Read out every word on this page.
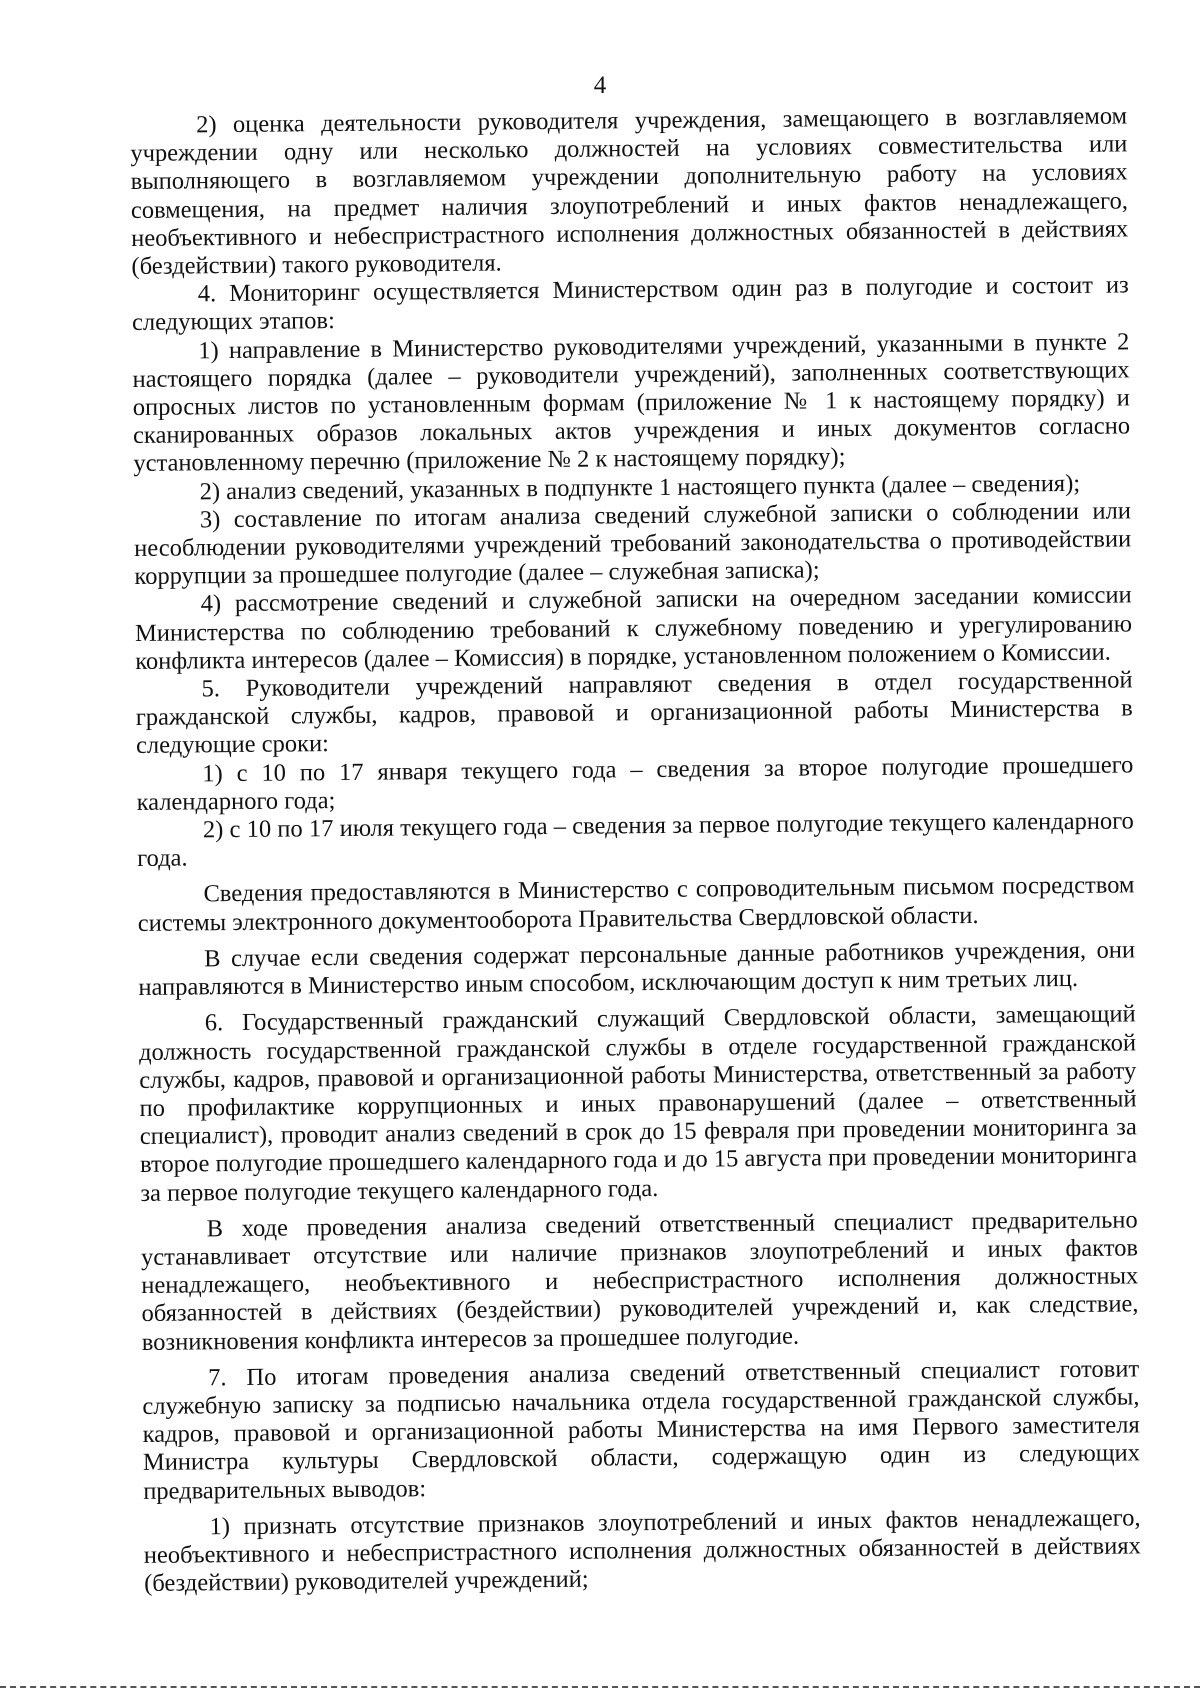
4

2) оценка деятельности руководителя учреждения, замещающего в возглавляемом учреждении одну или несколько должностей на условиях совместительства или выполняющего в возглавляемом учреждении дополнительную работу на условиях совмещения, на предмет наличия злоупотреблений и иных фактов ненадлежащего, необъективного и небеспристрастного исполнения должностных обязанностей в действиях (бездействии) такого руководителя.

4. Мониторинг осуществляется Министерством один раз в полугодие и состоит из следующих этапов:

1) направление в Министерство руководителями учреждений, указанными в пункте 2 настоящего порядка (далее – руководители учреждений), заполненных соответствующих опросных листов по установленным формам (приложение № 1 к настоящему порядку) и сканированных образов локальных актов учреждения и иных документов согласно установленному перечню (приложение № 2 к настоящему порядку);

2) анализ сведений, указанных в подпункте 1 настоящего пункта (далее – сведения);

3) составление по итогам анализа сведений служебной записки о соблюдении или несоблюдении руководителями учреждений требований законодательства о противодействии коррупции за прошедшее полугодие (далее – служебная записка);

4) рассмотрение сведений и служебной записки на очередном заседании комиссии Министерства по соблюдению требований к служебному поведению и урегулированию конфликта интересов (далее – Комиссия) в порядке, установленном положением о Комиссии.

5. Руководители учреждений направляют сведения в отдел государственной гражданской службы, кадров, правовой и организационной работы Министерства в следующие сроки:

1) с 10 по 17 января текущего года – сведения за второе полугодие прошедшего календарного года;

2) с 10 по 17 июля текущего года – сведения за первое полугодие текущего календарного года.

Сведения предоставляются в Министерство с сопроводительным письмом посредством системы электронного документооборота Правительства Свердловской области.

В случае если сведения содержат персональные данные работников учреждения, они направляются в Министерство иным способом, исключающим доступ к ним третьих лиц.

6. Государственный гражданский служащий Свердловской области, замещающий должность государственной гражданской службы в отделе государственной гражданской службы, кадров, правовой и организационной работы Министерства, ответственный за работу по профилактике коррупционных и иных правонарушений (далее – ответственный специалист), проводит анализ сведений в срок до 15 февраля при проведении мониторинга за второе полугодие прошедшего календарного года и до 15 августа при проведении мониторинга за первое полугодие текущего календарного года.

В ходе проведения анализа сведений ответственный специалист предварительно устанавливает отсутствие или наличие признаков злоупотреблений и иных фактов ненадлежащего, необъективного и небеспристрастного исполнения должностных обязанностей в действиях (бездействии) руководителей учреждений и, как следствие, возникновения конфликта интересов за прошедшее полугодие.

7. По итогам проведения анализа сведений ответственный специалист готовит служебную записку за подписью начальника отдела государственной гражданской службы, кадров, правовой и организационной работы Министерства на имя Первого заместителя Министра культуры Свердловской области, содержащую один из следующих предварительных выводов:

1) признать отсутствие признаков злоупотреблений и иных фактов ненадлежащего, необъективного и небеспристрастного исполнения должностных обязанностей в действиях (бездействии) руководителей учреждений;
